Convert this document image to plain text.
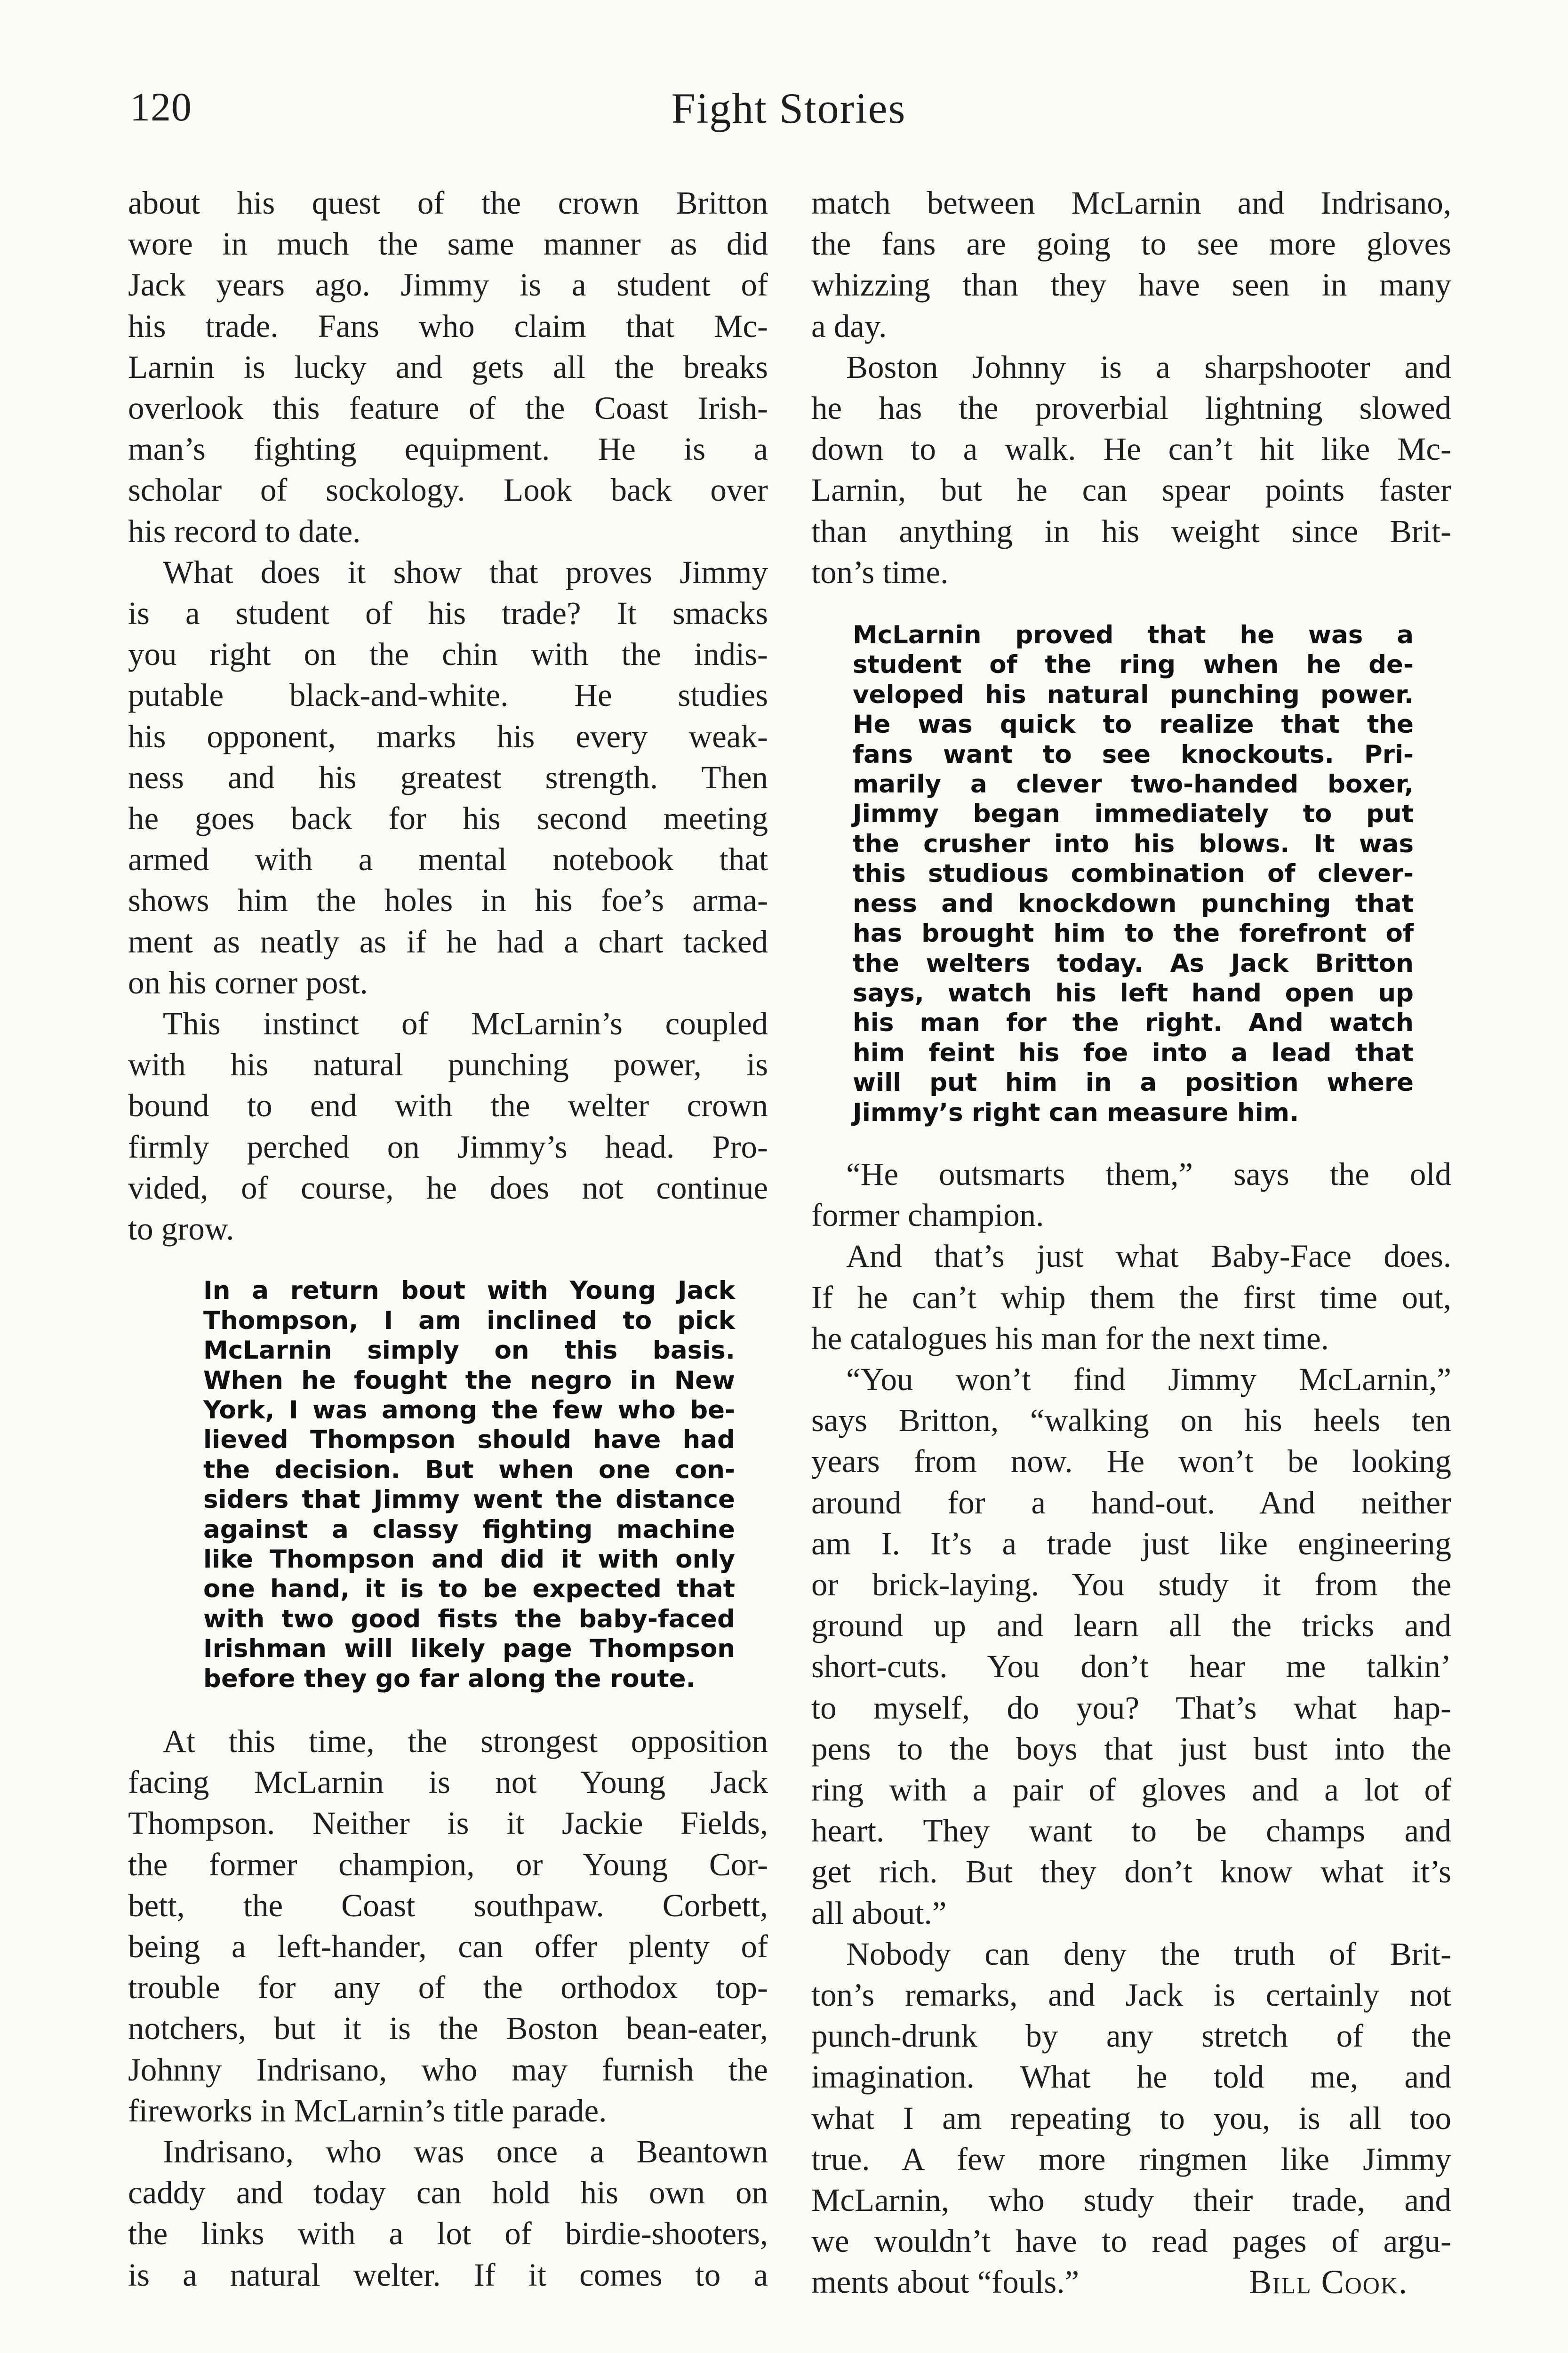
120	Fight Stories

about his quest of the crown Britton
wore in much the same manner as did
Jack years ago. Jimmy is a student of
his trade. Fans who claim that Mc-
Larnin is lucky and gets all the breaks
overlook this feature of the Coast Irish-
man’s fighting equipment. He is a
scholar of sockology. Look back over
his record to date.

What does it show that proves Jimmy
is a student of his trade? It smacks
you right on the chin with the indis-
putable black-and-white. He studies
his opponent, marks his every weak-
ness and his greatest strength. Then
he goes back for his second meeting
armed with a mental notebook that
shows him the holes in his foe’s arma-
ment as neatly as if he had a chart tacked
on his corner post.

This instinct of McLarnin’s coupled
with his natural punching power, is
bound to end with the welter crown
firmly perched on Jimmy’s head. Pro-
vided, of course, he does not continue
to grow.

In a return bout with Young Jack
Thompson, I am inclined to pick
McLarnin simply on this basis.
When he fought the negro in New
York, I was among the few who be-
lieved Thompson should have had
the decision. But when one con-
siders that Jimmy went the distance
against a classy fighting machine
like Thompson and did it with only
one hand, it is to be expected that
with two good fists the baby-faced
Irishman will likely page Thompson
before they go far along the route.

At this time, the strongest opposition
facing McLarnin is not Young Jack
Thompson. Neither is it Jackie Fields,
the former champion, or Young Cor-
bett, the Coast southpaw. Corbett,
being a left-hander, can offer plenty of
trouble for any of the orthodox top-
notchers, but it is the Boston bean-eater,
Johnny Indrisano, who may furnish the
fireworks in McLarnin’s title parade.

Indrisano, who was once a Beantown
caddy and today can hold his own on
the links with a lot of birdie-shooters,
is a natural welter. If it comes to a

match between McLarnin and Indrisano,
the fans are going to see more gloves
whizzing than they have seen in many
a day.

Boston Johnny is a sharpshooter and
he has the proverbial lightning slowed
down to a walk. He can’t hit like Mc-
Larnin, but he can spear points faster
than anything in his weight since Brit-
ton’s time.

McLarnin proved that he was a
student of the ring when he de-
veloped his natural punching power.
He was quick to realize that the
fans want to see knockouts. Pri-
marily a clever two-handed boxer,
Jimmy began immediately to put
the crusher into his blows. It was
this studious combination of clever-
ness and knockdown punching that
has brought him to the forefront of
the welters today. As Jack Britton
says, watch his left hand open up
his man for the right. And watch
him feint his foe into a lead that
will put him in a position where
Jimmy’s right can measure him.

“He outsmarts them,” says the old
former champion.

And that’s just what Baby-Face does.
If he can’t whip them the first time out,
he catalogues his man for the next time.

“You won’t find Jimmy McLarnin,”
says Britton, “walking on his heels ten
years from now. He won’t be looking
around for a hand-out. And neither
am I. It’s a trade just like engineering
or brick-laying. You study it from the
ground up and learn all the tricks and
short-cuts. You don’t hear me talkin’
to myself, do you? That’s what hap-
pens to the boys that just bust into the
ring with a pair of gloves and a lot of
heart. They want to be champs and
get rich. But they don’t know what it’s
all about.”

Nobody can deny the truth of Brit-
ton’s remarks, and Jack is certainly not
punch-drunk by any stretch of the
imagination. What he told me, and
what I am repeating to you, is all too
true. A few more ringmen like Jimmy
McLarnin, who study their trade, and
we wouldn’t have to read pages of argu-
ments about “fouls.”	Bill Cook.
